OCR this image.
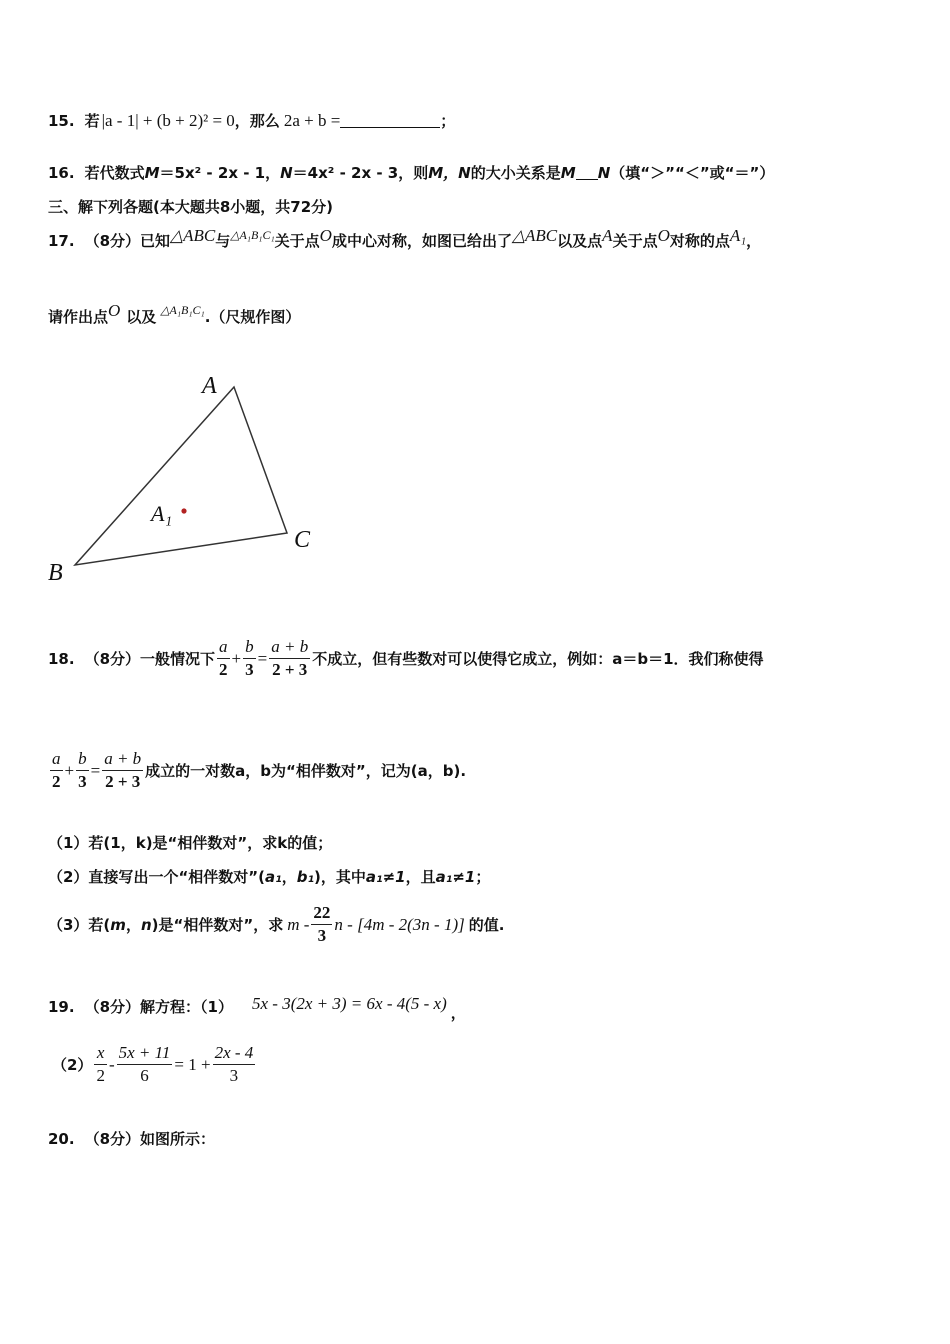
15. 若 |a - 1| + (b + 2)² = 0 ，那么 2a + b =	；
16. 若代数式 M ＝5x² - 2x - 1， N ＝4x² - 2x - 3，则 M，N 的大小关系是 M N （填“＞”“＜”或“＝”）
三、解下列各题(本大题共8小题，共72分)
17. （8分）已知 △ABC 与 △A₁B₁C₁ 关于点 O 成中心对称，如图已给出了 △ABC 以及点 A 关于点 O 对称的点 A₁ ，
请作出点 O 以及 △A₁B₁C₁ .（尺规作图）
A
B
C
A₁
18. （8分）一般情况下 $\frac{a}{2} + \frac{b}{3} = \frac{a + b}{2 + 3}$ 不成立，但有些数对可以使得它成立，例如：a＝b＝1．我们称使得
$\frac{a}{2} + \frac{b}{3} = \frac{a + b}{2 + 3}$ 成立的一对数a，b为“相伴数对”，记为(a，b).
（1）若(1，k)是“相伴数对”，求k的值；
（2）直接写出一个“相伴数对”( a₁ ， b₁ )，其中 a₁≠1 ，且 a₁≠1 ；
（3）若( m ， n )是“相伴数对”，求 m - $\frac{22}{3}$ n - [4m - 2(3n - 1)] 的值.
19. （8分）解方程：（1） 5x - 3(2x + 3) = 6x - 4(5 - x)
，
$(2) \frac{x}{2} - \frac{5x + 11}{6} = 1 + \frac{2x - 4}{3}$
20. （8分）如图所示：
